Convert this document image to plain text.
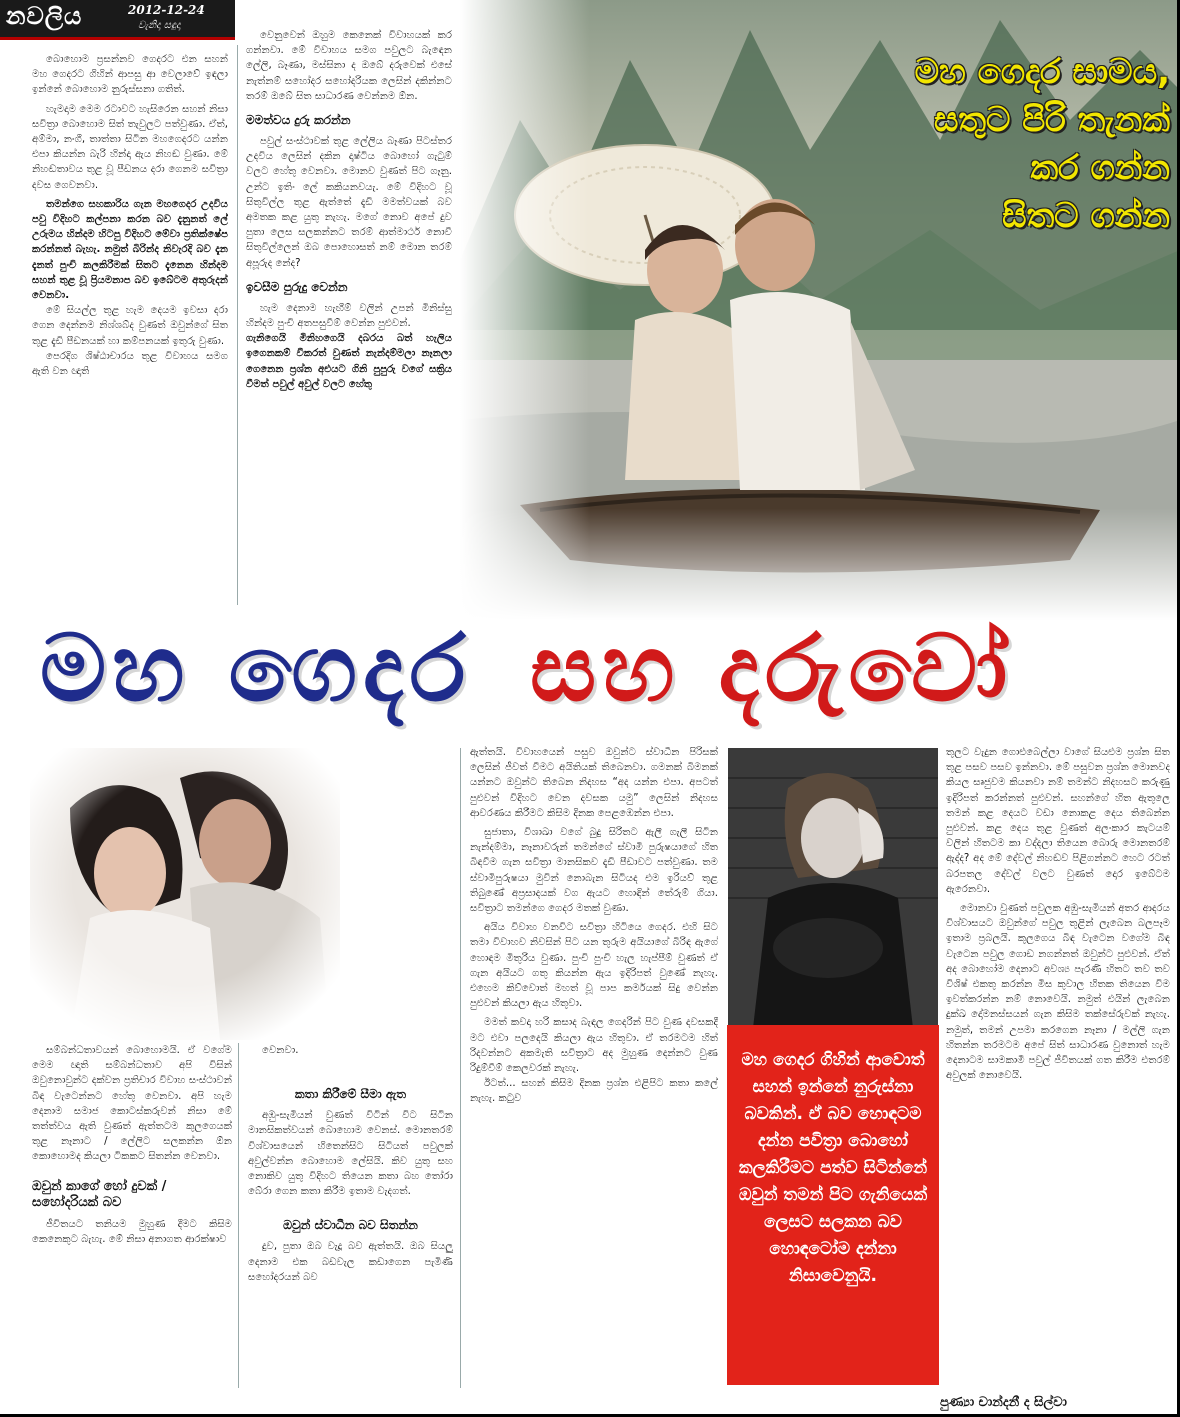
නවලිය	2012-12-24
වැනිදා සඳුදා
මහ ගෙදර සාමය,
සතුට පිරි තැනක්
කර ගන්න
සිතට ගන්න

බොහොම ප්‍රසන්නව ගෙදරට එන සහන් මහ ගෙදරට ගිහින් ආපසු ආ වෙලාවේ ඉඳලා ඉන්නේ බොහොම නුරුස්සනා ගතිත්.

හැමදාම මෙම රටාවට හැසිරෙන සහන් නිසා සවිත්‍රා බොහොම සිත් තැවුලට පත්වුණා. ඒත්, අම්මා, නංගී, තාත්තා සිටින මහගෙදරට යන්න එපා කියන්න බැරි හින්දා ඇය නිහඬ වුණා. මේ නිහඬතාවය තුළ වූ පීඩනය දරා ගෙනම සවිත්‍රා දවස ගෙවනවා.

තමන්ගෙ සහකාරිය ගැන මහගෙදර උදවිය පවු විදිහට කල්පනා කරන බව දැනුනත් ලේ උරුමය හින්දම හිටපු විදිහට මේවා ප්‍රතික්ෂේප කරන්නත් බැහැ. නමුත් බිරින්ද නිවැරදි බව දැන දැනත් පුංචි කලකිරීමක් සිතට දැනෙන හින්දම සහන් තුළ වූ ප්‍රියමනාප බව ඉබේටම අතුරුදන් වෙනවා.

මේ සියල්ල තුළ හැම දෙයම ඉවසා දරා ගෙන දෙන්නම නිශ්ශබ්ද වුණත් ඔවුන්ගේ සිත තුළ දැඩි පීඩනයක් හා කම්පනයක් ඉතුරු වුණා.

පෙරදිග ශිෂ්ඨාචාරය තුළ විවාහය සමග ඇති වන ඥාති

වෙනුවෙන් ඔහුම කෙනෙක් විවාහයක් කර ගන්නවා. මේ විවාහය සමග පවුලට බැඳෙන ලේලි, බෑණා, මස්සිනා ද ඔබේ දරුවෙක් එසේ නැත්නම් සහෝදර සහෝදරියක ලෙසින් දකින්නට තරම් ඔබේ සිත සාධාරණ වෙන්නම ඕන.

මමත්වය දුරු කරන්න

පවුල් සංස්ථාවක් තුළ ලේලිය බෑණා පිටස්තර උදවිය ලෙසින් දකින දෘෂ්ටිය බොහෝ ගැටුම් වලට හේතු වෙනවා. මොනව වුණත් පිට ගෑනු. උන්ට ඉතිං ලේ කකියනවයැ. මේ විදිහට වූ සිතුවිල්ල තුළ ඇත්තේ දැඩි මමත්වයක් බව අමතක කළ යුතු නැහැ. මගේ නොව අපේ දුව පුතා ලෙස සලකන්නට තරම් ආත්මාර්ථ නොවී සිතුවිල්ලෙන් ඔබ පොහොසත් නම් මොන තරම් අපූරුද නේද?

ඉවසීම පුරුදු වෙන්න

හැම දෙනාම හැඟීම් වලින් උපන් මිනිස්සු හින්දම පුංචි අතපසුවීම් වෙන්න පුළුවන්.

ගැනිගෙයි මිනිහගෙයි දබරය බත් හැලිය ඉගෙනකම් වීකරත් වුණත් නැන්දම්මලා නෑනලා ගෙනෙන ප්‍රශ්න අළුයට ගිනි පුපුරු වගේ සක්‍රිය වීමත් පවුල් අවුල් වලට හේතු

මහ ගෙදර සහ දරුවෝ

සම්බන්ධතාවයන් බොහොමයි. ඒ වගේම මෙම ඥාති සම්බන්ධතාව අපි විසින් ඔවුනොවුන්ට දක්වන ප්‍රතිචාර විවාහ සංස්ථාවන් බිඳ වැටෙන්නට හේතු වෙනවා. අපි හැම දෙනාම සමාජ කොටස්කරුවන් නිසා මේ තත්ත්වය ඇති වුණත් ඇත්තටම කුලගෙයක් තුළ නෑනාට / ලේලිට සලකන්න ඕන කොහොමද කියලා ටිකකට සිතන්න වෙනවා.

ඔවුන් කාගේ හෝ දුවක් / සහෝදරියක් බව

ජීවිතයට තනියම මුහුණ දීමට කිසිම කෙනෙකුට බැහැ. මේ නිසා අනාගත ආරක්ෂාව

වෙනවා.

කතා කිරීමේ සීමා ඇත

අඹු-සැමියන් වුණත් විටින් විට සිටින මානසිකත්වයන් බොහොම වෙනස්. මොනතරම් විශ්වාසයෙන් හිතෙන්සිට සිටියත් පවුලක් අවුල්වන්න බොහොම ලේසියි. කිව යුතු සහ නොකිව යුතු විදිහට තියෙන කතා බහ තෝරා බේරා ගෙන කතා කිරීම ඉතාම වැදගත්.

ඔවුන් ස්වාධීන බව සිතන්න

දුව, පුතා ඔබ වැදූ බව ඇත්තයි. ඔබ සියලු දෙනාම එක බඩවැල කඩාගෙන පැමිණි සහෝදරයන් බව

ඇත්තයි. විවාහයෙන් පසුව ඔවුන්ට ස්වාධීන පිරිසක් ලෙසින් ජීවත් වීමට අයිතියක් තිබෙනවා. ගමනක් බිමනක් යන්නට ඔවුන්ට තිබෙන නිදහස “අද යන්න එපා. අපටත් පුළුවන් විදිහට වෙන දවසක යමු” ලෙසින් නිදහස ආවරණය කිරීමට කිසිම දිනක පෙළඹෙන්න එපා.

සුජාතා, විශාඛා වගේ බුදු සිරිතට ඇලී ගැලී සිටින නැන්දම්මා, නෑනාවරුන් තමන්ගේ ස්වාමි පුරුෂයාගේ හිත බිඳවීම ගැන සවිත්‍රා මානසිකව දැඩි පීඩාවට පත්වුණා. තම ස්වාමිපුරුෂයා මුවින් නොබැන සිටියද එම ඉරියව් තුළ තිබුණේ අප්‍රසාදයක් වග ඇයට හොඳින් තේරුම් ගියා. සවිත්‍රාට තමන්ගෙ ගෙදර මතක් වුණා.

අයිය විවාහ වනවිට සවිත්‍රා හිටියෙ ගෙදර. එහි සිට තමා විවාහව නිවසින් පිට යන තුරුම අයියාගේ බිරිඳ ඇගේ හොඳම මිතුරිය වුණා. පුංචි පුංචි හැල හැප්පීම් වුණත් ඒ ගැන අයියට ගතු කියන්න ඇය ඉදිරිපත් වුණේ නැහැ. එහෙම කිව්වොත් මහත් වූ පාප කර්මයක් සිදු වෙන්න පුළුවන් කියලා ඇය හිතුවා.

මමත් කවදා හරි කසාද බැඳල ගෙදරින් පිට වුණ දවසකදී මට එවා පලදෙයි කියලා ඇය හිතුවා. ඒ තරමටම හිත් රිදවන්නට අකමැති සවිත්‍රාට අද මුහුණ දෙන්නට වුණ රිදුම්වීම් කෙලවරක් නැහැ.

ඊටත්... සහන් කිසිම දිනක ප්‍රශ්න එළිපිට කතා කලේ නැහැ. කටුව

මහ ගෙදර ගිහින් ආවොත් සහන් ඉන්නේ නුරුස්නා බවකින්. ඒ බව හොඳටම දන්න පවිත්‍රා බොහෝ කලකිරීමට පත්ව සිටින්නේ ඔවුන් තමන් පිට ගැනියෙක් ලෙසට සලකන බව හොඳටෝම දන්නා නිසාවෙනුයි.

තුලට වැදුන ගොළුබෙල්ලා වාගේ සියළුම ප්‍රශ්න සිත තුළ පසව පසව ඉන්නවා. මේ පසුවන ප්‍රශ්න මොනවද කියල සෘජුවම කියනවා නම් තමන්ට නිදහසට කරුණු ඉදිරිපත් කරන්නත් පුළුවන්. සහන්ගේ හිත ඇතුලෙ තමන් කළ දෙයට වඩා නොකළ දෙය තිබෙන්න පුළුවන්. කළ දෙය තුළ වුණත් අලංකාර කැටයම් වලින් හිතටම කා වද්දලා තියෙන බොරු මොනතරම් ඇද්ද? අද මේ දේවල් නිහඬව පිළිගන්නට හෙට රටත් බරපතල දේවල් වලට වුණත් දොර ඉබේටම ඇරෙනවා.

මොනවා වුණත් පවුලක අඹු-සැමියන් අතර ආදරය විශ්වාසයට ඔවුන්ගේ පවුල තුළින් ලැබෙන බලපෑම ඉතාම ප්‍රබලයි. කුලගෙය බිඳ වැටෙන වගේම බිඳ වැටෙන පවුල ගොඩ නගන්නත් ඔවුන්ට පුළුවන්. ඒත් අද බොහෝම දෙනාට අවශ්‍ය පැරණි හිතට තව තව විශිෂ් එකතු කරන්න මිස කුවාල හිතක තියෙන විම ඉවත්කරන්න නම් නොවෙයි. නමුත් එයින් ලැබෙන දුක්ඛ දෝමනස්සයන් ගැන කිසිම තක්සේරුවක් නැහැ. නමුත්, තමන් උපමා කරගෙන නෑනා / මල්ලි ගැන හිතන්න තරමටම අපේ සිත් සාධාරණ වුනොත් හැම දෙනාටම සාමකාමී පවුල් ජීවිතයක් ගත කිරීම එතරම් අවුලක් නොවෙයි.

පුණ්‍යා චාන්දනී ද සිල්වා
